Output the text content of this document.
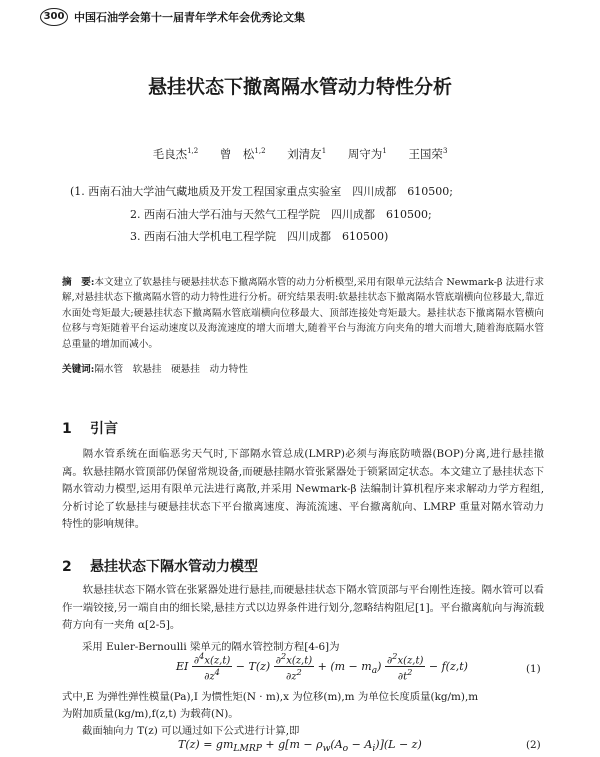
300 中国石油学会第十一届青年学术年会优秀论文集
悬挂状态下撤离隔水管动力特性分析
毛良杰$^{1,2}$ 曾　松$^{1,2}$ 刘清友$^1$ 周守为$^1$ 王国荣$^3$
(1. 西南石油大学油气藏地质及开发工程国家重点实验室　四川成都　610500;
2. 西南石油大学石油与天然气工程学院　四川成都　610500;
3. 西南石油大学机电工程学院　四川成都　610500)

摘　要:本文建立了软悬挂与硬悬挂状态下撤离隔水管的动力分析模型,采用有限单元法结合 Newmark-β 法进行求解,对悬挂状态下撤离隔水管的动力特性进行分析。研究结果表明:软悬挂状态下撤离隔水管底端横向位移最大,靠近水面处弯矩最大;硬悬挂状态下撤离隔水管底端横向位移最大、顶部连接处弯矩最大。悬挂状态下撤离隔水管横向位移与弯矩随着平台运动速度以及海流速度的增大而增大,随着平台与海流方向夹角的增大而增大,随着海底隔水管总重量的增加而减小。

关键词:隔水管　软悬挂　硬悬挂　动力特性
1 引言

隔水管系统在面临恶劣天气时,下部隔水管总成(LMRP)必须与海底防喷器(BOP)分离,进行悬挂撤离。软悬挂隔水管顶部仍保留常规设备,而硬悬挂隔水管张紧器处于锁紧固定状态。本文建立了悬挂状态下隔水管动力模型,运用有限单元法进行离散,并采用 Newmark-β 法编制计算机程序来求解动力学方程组,分析讨论了软悬挂与硬悬挂状态下平台撤离速度、海流流速、平台撤离航向、LMRP 重量对隔水管动力特性的影响规律。

2 悬挂状态下隔水管动力模型

软悬挂状态下隔水管在张紧器处进行悬挂,而硬悬挂状态下隔水管顶部与平台刚性连接。隔水管可以看作一端铰接,另一端自由的细长梁,悬挂方式以边界条件进行划分,忽略结构阻尼[1]。平台撤离航向与海流载荷方向有一夹角 α[2-5]。

采用 Euler-Bernoulli 梁单元的隔水管控制方程[4-6]为
EI $\frac{\partial^4x(z,t)}{\partial z^4} - T(z) \frac{\partial^2x(z,t)}{\partial z^2} + (m - m_a) \frac{\partial^2x(z,t)}{\partial t^2} - f(z,t)$	(1)
式中,E 为弹性弹性模量(Pa),I 为惯性矩(N · m),x 为位移(m),m 为单位长度质量(kg/m),m
为附加质量(kg/m),f(z,t) 为载荷(N)。
截面轴向力 T(z) 可以通过如下公式进行计算,即
$T(z) = gm_{LMRP} + g[m - \rho_w(A_o - A_i)](L - z)$	(2)
